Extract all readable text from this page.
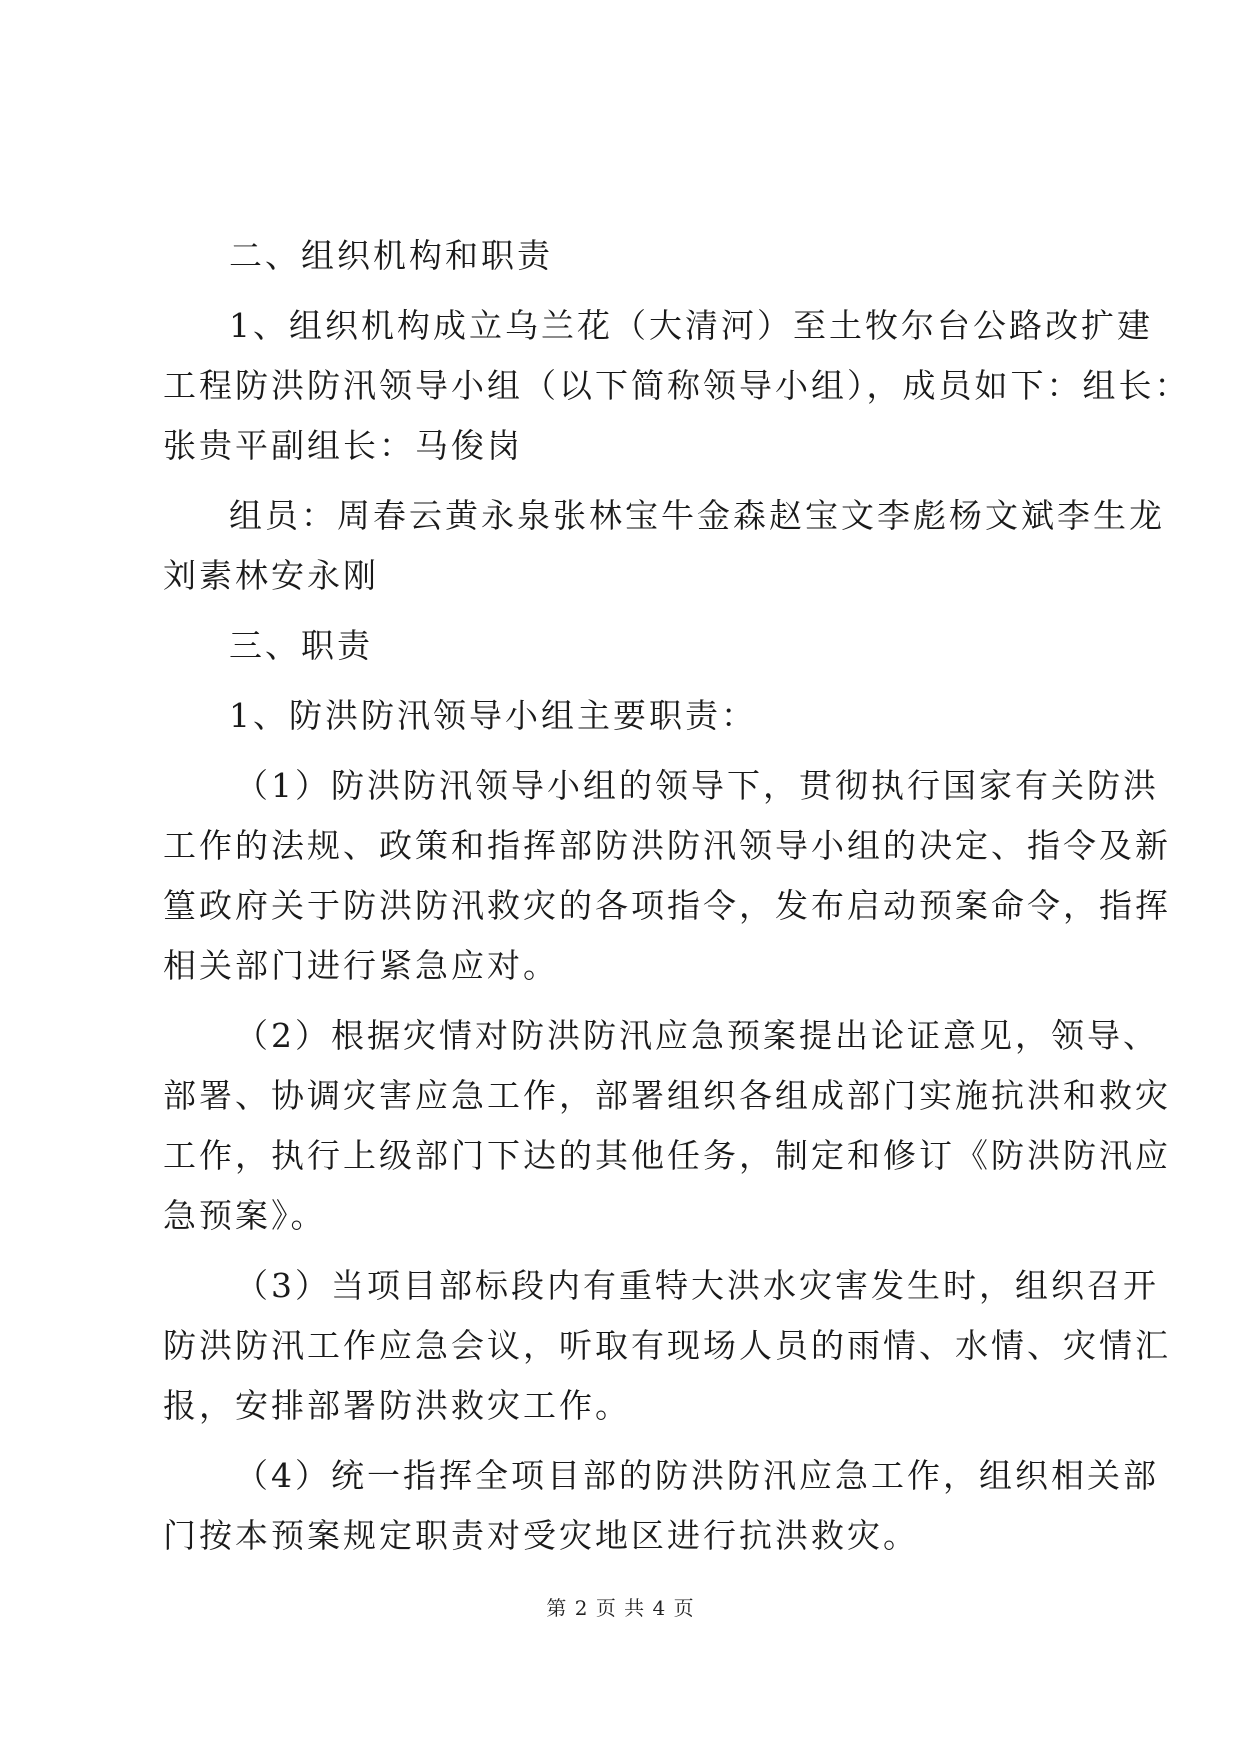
二、组织机构和职责
1、组织机构成立乌兰花（大清河）至土牧尔台公路改扩建
工程防洪防汛领导小组（以下简称领导小组），成员如下：组长：
张贵平副组长：马俊岗
组员：周春云黄永泉张林宝牛金森赵宝文李彪杨文斌李生龙
刘素林安永刚
三、职责
1、防洪防汛领导小组主要职责：
（1）防洪防汛领导小组的领导下，贯彻执行国家有关防洪
工作的法规、政策和指挥部防洪防汛领导小组的决定、指令及新
篁政府关于防洪防汛救灾的各项指令，发布启动预案命令，指挥
相关部门进行紧急应对。
（2）根据灾情对防洪防汛应急预案提出论证意见，领导、
部署、协调灾害应急工作，部署组织各组成部门实施抗洪和救灾
工作，执行上级部门下达的其他任务，制定和修订《防洪防汛应
急预案》。
（3）当项目部标段内有重特大洪水灾害发生时，组织召开
防洪防汛工作应急会议，听取有现场人员的雨情、水情、灾情汇
报，安排部署防洪救灾工作。
（4）统一指挥全项目部的防洪防汛应急工作，组织相关部
门按本预案规定职责对受灾地区进行抗洪救灾。
第 2 页 共 4 页
